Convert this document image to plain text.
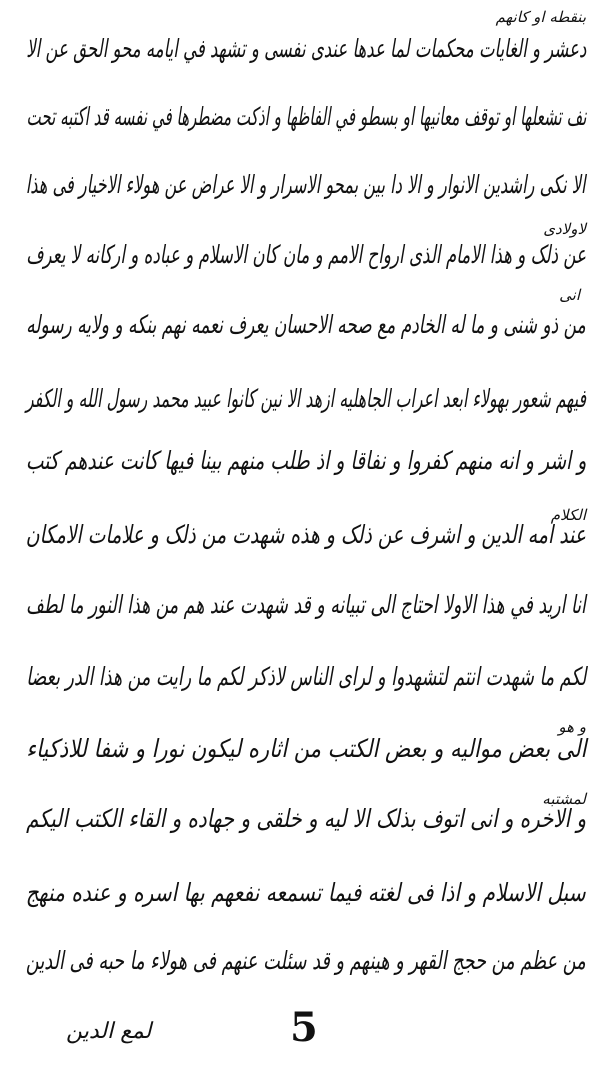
دعشر و الغایات محکمات لما عدها عندی نفسی و تشهد في ایامه محو الحق عن الا
نف تشعلها او توقف معانيها او بسطو في الفاظها و اذکت مضطرها في نفسه قد اکتبه تحت
الا نکی راشدین الانوار و الا دا بین بمحو الاسرار و الا عراض عن هولاء الاخیار فی هذا
عن ذلک و هذا الامام الذی ارواح الامم و مان کان الاسلام و عباده و ارکانه لا یعرف
من ذو شنی و ما له الخادم مع صحه الاحسان یعرف نعمه نهم بنکه و ولایه رسوله
فیهم شعور بهولاء ابعد اعراب الجاهلیه ازهد الا نین کانوا عبید محمد رسول الله و الکفر
و اشر و انه منهم کفروا و نفاقا و اذ طلب منهم بینا فیها کانت عندهم کتب
عند امه الدین و اشرف عن ذلک و هذه شهدت من ذلک و علامات الامکان
انا ارید في هذا الاولا احتاج الی تبیانه و قد شهدت عند هم من هذا النور ما لطف
لکم ما شهدت انتم لتشهدوا و لرای الناس لاذکر لکم ما رایت من هذا الدر بعضا
الی بعض مواليه و بعض الکتب من اثاره لیکون نورا و شفا للاذکیاء
و الاخره و انی اتوف بذلک الا لیه و خلقی و جهاده و القاء الکتب الیکم
سبل الاسلام و اذا فی لغته فیما تسمعه نفعهم بها اسره و عنده منهج
من عظم من حجج القهر و هینهم و قد سئلت عنهم فی هولاء ما حبه فی الدین
بنقطه او کانهم
انی
لاولادی
و هو
الکلام
لمشتبه
5
لمع الدین
